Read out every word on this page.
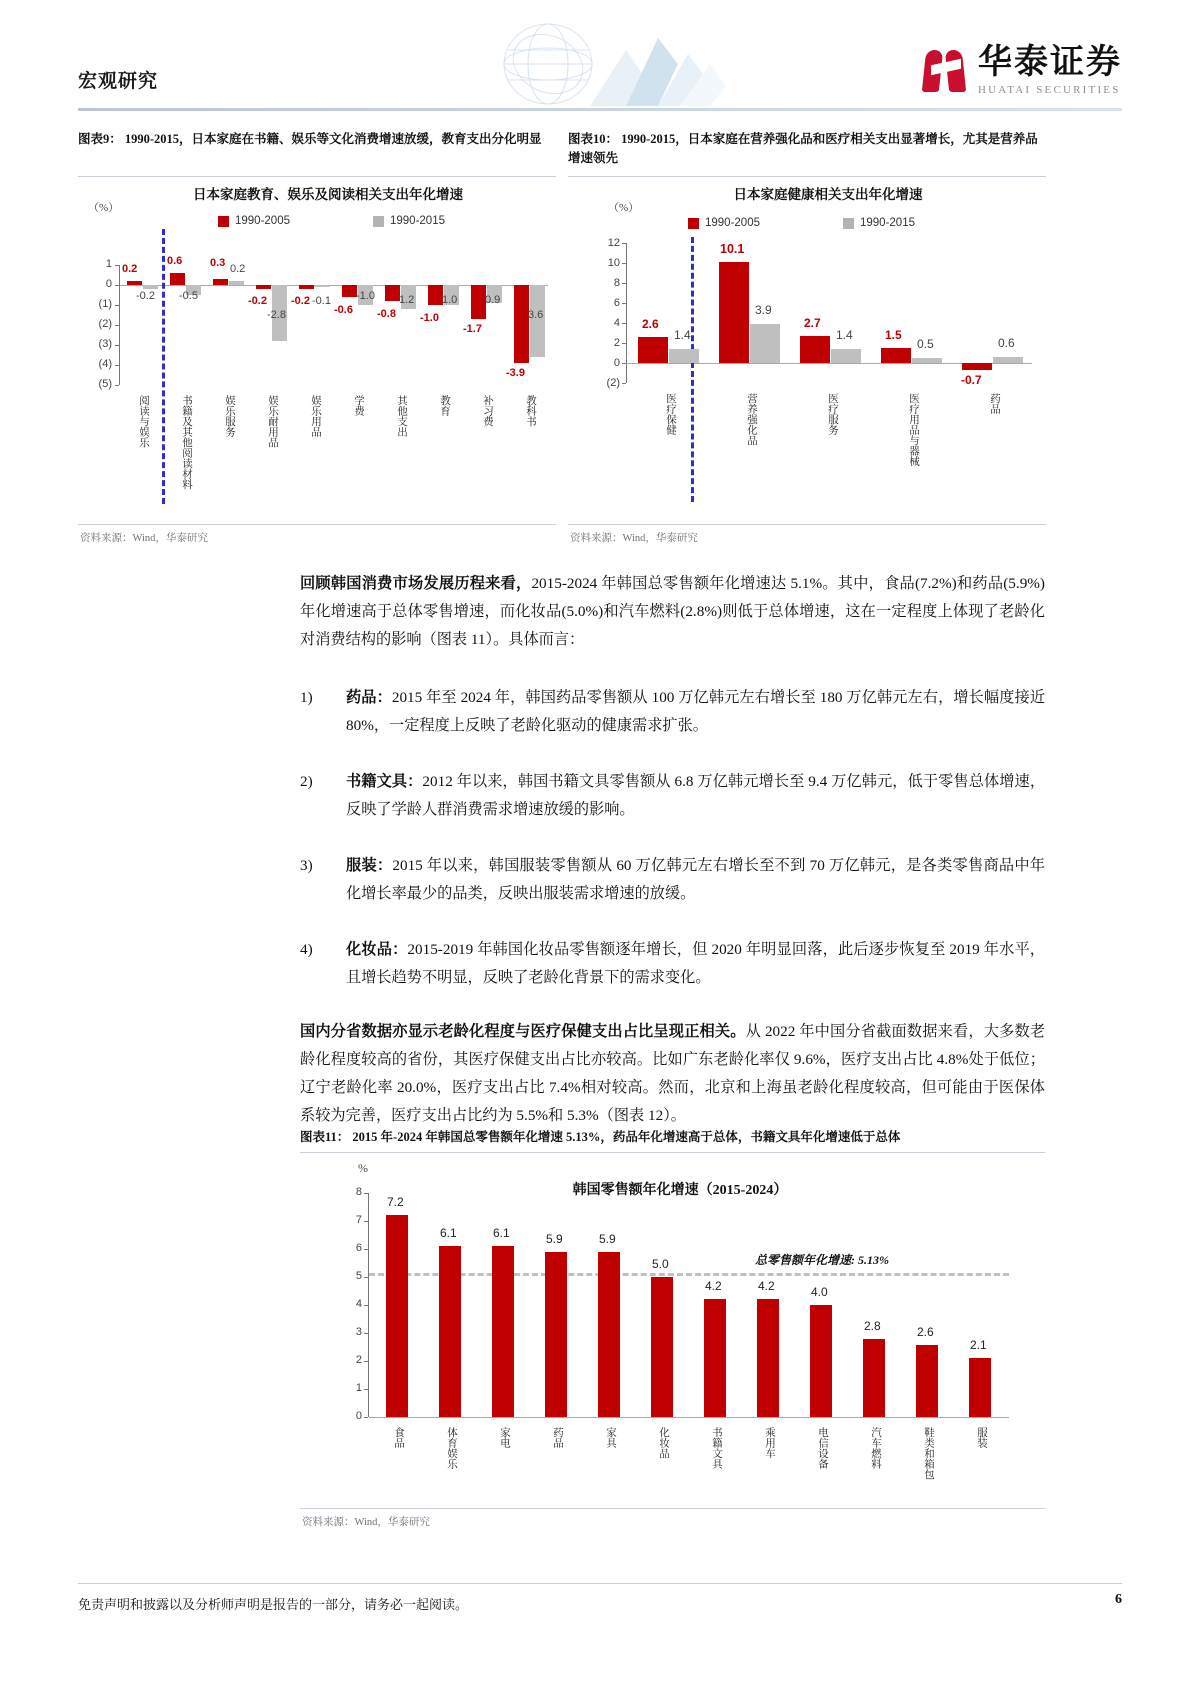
宏观研究
华泰证券
HUATAI SECURITIES
图表9： 1990-2015，日本家庭在书籍、娱乐等文化消费增速放缓，教育支出分化明显
（%）
日本家庭教育、娱乐及阅读相关支出年化增速
1990-2005	1990-2015
1
0
(1)
(2)
(3)
(4)
(5)
0.2
-0.2
0.6
-0.5
0.3 0.2
-0.2
-2.8
-0.2 -0.1
-0.6
-1.0
-0.8
1.2
-1.0
1.0
-1.7
0.9
-3.9
3.6
阅读与娱乐	书籍及其他阅读材料	娱乐服务	娱乐耐用品	娱乐用品	学费	其他支出	教育	补习费	教科书
资料来源：Wind，华泰研究
图表10： 1990-2015，日本家庭在营养强化品和医疗相关支出显著增长，尤其是营养品增速领先
（%）
日本家庭健康相关支出年化增速
1990-2005	1990-2015
12
10
8
6
4
2
0
(2)
2.6
1.4
10.1
3.9
2.7
1.4	1.5
0.5
-0.7
0.6
医疗保健	营养强化品	医疗服务	医疗用品与器械	药品
资料来源：Wind，华泰研究
回顾韩国消费市场发展历程来看，2015-2024 年韩国总零售额年化增速达 5.1%。其中，食品(7.2%)和药品(5.9%)年化增速高于总体零售增速，而化妆品(5.0%)和汽车燃料(2.8%)则低于总体增速，这在一定程度上体现了老龄化对消费结构的影响（图表 11）。具体而言：
1)	药品：2015 年至 2024 年，韩国药品零售额从 100 万亿韩元左右增长至 180 万亿韩元左右，增长幅度接近 80%，一定程度上反映了老龄化驱动的健康需求扩张。
2)	书籍文具：2012 年以来，韩国书籍文具零售额从 6.8 万亿韩元增长至 9.4 万亿韩元，低于零售总体增速，反映了学龄人群消费需求增速放缓的影响。
3)	服装：2015 年以来，韩国服装零售额从 60 万亿韩元左右增长至不到 70 万亿韩元，是各类零售商品中年化增长率最少的品类，反映出服装需求增速的放缓。
4)	化妆品：2015-2019 年韩国化妆品零售额逐年增长，但 2020 年明显回落，此后逐步恢复至 2019 年水平，且增长趋势不明显，反映了老龄化背景下的需求变化。
国内分省数据亦显示老龄化程度与医疗保健支出占比呈现正相关。从 2022 年中国分省截面数据来看，大多数老龄化程度较高的省份，其医疗保健支出占比亦较高。比如广东老龄化率仅 9.6%，医疗支出占比 4.8%处于低位；辽宁老龄化率 20.0%，医疗支出占比 7.4%相对较高。然而，北京和上海虽老龄化程度较高，但可能由于医保体系较为完善，医疗支出占比约为 5.5%和 5.3%（图表 12）。
图表11： 2015 年-2024 年韩国总零售额年化增速 5.13%，药品年化增速高于总体，书籍文具年化增速低于总体
%
韩国零售额年化增速（2015-2024）
8
7
6
5
4
3
2
1
0
总零售额年化增速: 5.13%
7.2
6.1	6.1	5.9	5.9
5.0
4.2	4.2	4.0
2.8	2.6
2.1
食品	体育娱乐	家电	药品	家具	化妆品	书籍文具	乘用车	电信设备	汽车燃料	鞋类和箱包	服装
资料来源：Wind，华泰研究
免责声明和披露以及分析师声明是报告的一部分，请务必一起阅读。	6
